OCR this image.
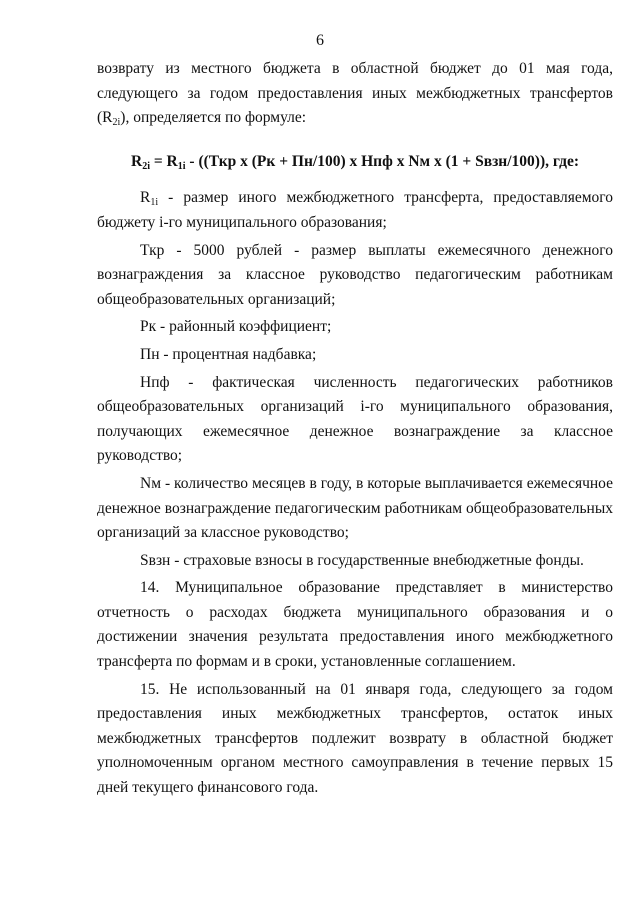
6

возврату из местного бюджета в областной бюджет до 01 мая года,

следующего за годом предоставления иных межбюджетных трансфертов

$(R_{2i})$, определяется по формуле:

$R_{2i} = R_{1i} - ((Ткр$ x (Рк + Пн/100) x Нпф x Nм x (1 + Sвзн/100)), где:

$R_{1i}$ - размер иного межбюджетного трансферта, предоставляемого бюджету i-го муниципального образования;

Ткр - 5000 рублей - размер выплаты ежемесячного денежного вознаграждения за классное руководство педагогическим работникам общеобразовательных организаций;

Рк - районный коэффициент;

Пн - процентная надбавка;

Нпф - фактическая численность педагогических работников общеобразовательных организаций i-го муниципального образования, получающих ежемесячное денежное вознаграждение за классное руководство;

Nм - количество месяцев в году, в которые выплачивается ежемесячное денежное вознаграждение педагогическим работникам общеобразовательных организаций за классное руководство;

Sвзн - страховые взносы в государственные внебюджетные фонды.

14. Муниципальное образование представляет в министерство отчетность о расходах бюджета муниципального образования и о достижении значения результата предоставления иного межбюджетного трансферта по формам и в сроки, установленные соглашением.

15. Не использованный на 01 января года, следующего за годом предоставления иных межбюджетных трансфертов, остаток иных межбюджетных трансфертов подлежит возврату в областной бюджет уполномоченным органом местного самоуправления в течение первых 15 дней текущего финансового года.
